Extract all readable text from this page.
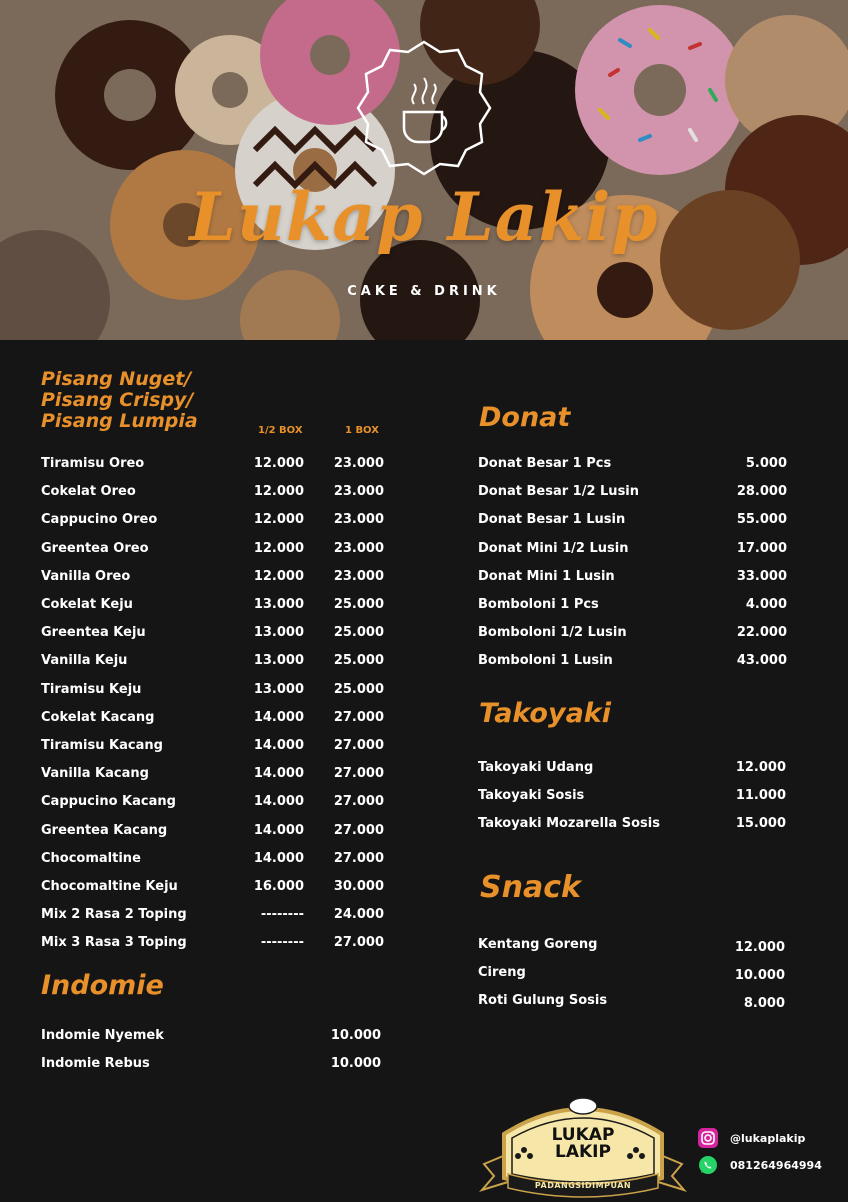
Lukap Lakip
CAKE & DRINK
Pisang Nuget/
Pisang Crispy/
Pisang Lumpia	1/2 BOX	1 BOX
Tiramisu Oreo	12.000 23.000
Cokelat Oreo	12.000 23.000
Cappucino Oreo	12.000 23.000
Greentea Oreo	12.000 23.000
Vanilla Oreo	12.000 23.000
Cokelat Keju	13.000 25.000
Greentea Keju	13.000 25.000
Vanilla Keju	13.000 25.000
Tiramisu Keju	13.000 25.000
Cokelat Kacang	14.000 27.000
Tiramisu Kacang	14.000 27.000
Vanilla Kacang	14.000 27.000
Cappucino Kacang	14.000 27.000
Greentea Kacang	14.000 27.000
Chocomaltine	14.000 27.000
Chocomaltine Keju	16.000 30.000
Mix 2 Rasa 2 Toping	-------- 24.000
Mix 3 Rasa 3 Toping	-------- 27.000
Indomie
Indomie Nyemek	10.000
Indomie Rebus	10.000
Donat
Donat Besar 1 Pcs	5.000
Donat Besar 1/2 Lusin	28.000
Donat Besar 1 Lusin	55.000
Donat Mini 1/2 Lusin	17.000
Donat Mini 1 Lusin	33.000
Bomboloni 1 Pcs	4.000
Bomboloni 1/2 Lusin	22.000
Bomboloni 1 Lusin	43.000
Takoyaki
Takoyaki Udang	12.000
Takoyaki Sosis	11.000
Takoyaki Mozarella Sosis	15.000
Snack
Kentang Goreng	12.000
Cireng	10.000
Roti Gulung Sosis	8.000
LUKAP
LAKIP
PADANGSIDIMPUAN
@lukaplakip
081264964994
